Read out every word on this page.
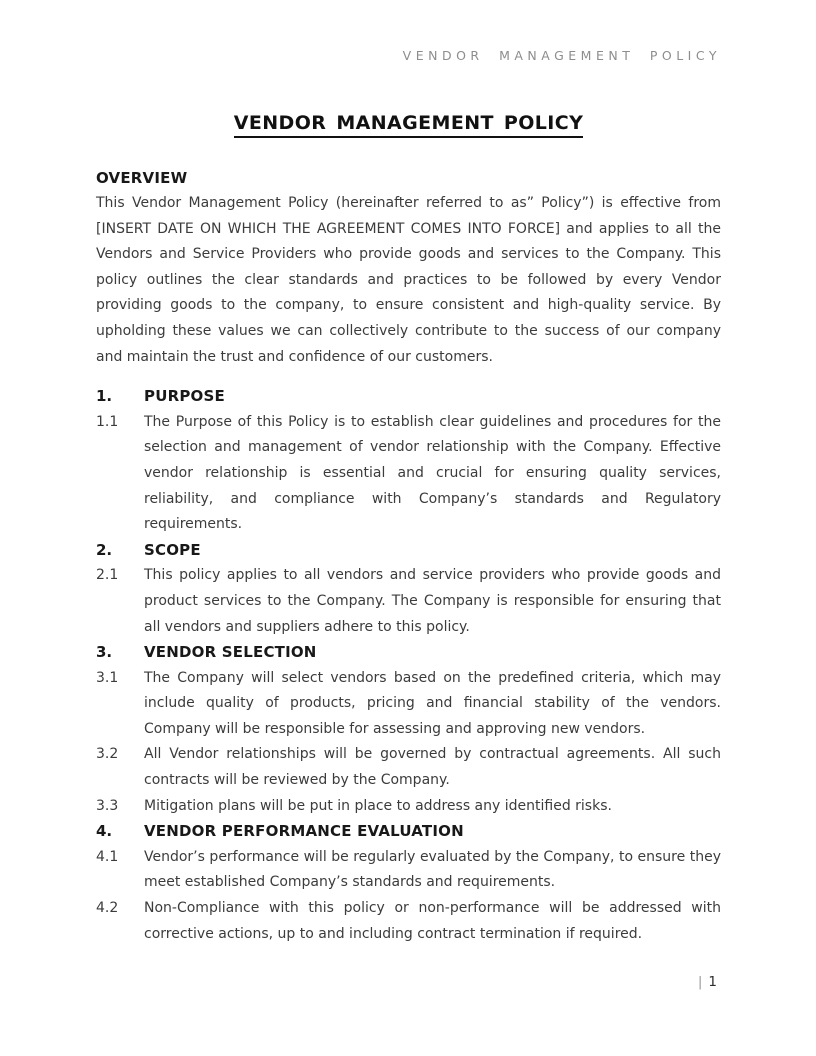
VENDOR MANAGEMENT POLICY
VENDOR MANAGEMENT POLICY
OVERVIEW

This Vendor Management Policy (hereinafter referred to as” Policy”) is effective from [INSERT DATE ON WHICH THE AGREEMENT COMES INTO FORCE] and applies to all the Vendors and Service Providers who provide goods and services to the Company. This policy outlines the clear standards and practices to be followed by every Vendor providing goods to the company, to ensure consistent and high-quality service. By upholding these values we can collectively contribute to the success of our company and maintain the trust and confidence of our customers.

1.	PURPOSE
1.1	The Purpose of this Policy is to establish clear guidelines and procedures for the selection and management of vendor relationship with the Company. Effective vendor relationship is essential and crucial for ensuring quality services, reliability, and compliance with Company’s standards and Regulatory requirements.
2.	SCOPE
2.1	This policy applies to all vendors and service providers who provide goods and product services to the Company. The Company is responsible for ensuring that all vendors and suppliers adhere to this policy.
3.	VENDOR SELECTION
3.1	The Company will select vendors based on the predefined criteria, which may include quality of products, pricing and financial stability of the vendors. Company will be responsible for assessing and approving new vendors.
3.2	All Vendor relationships will be governed by contractual agreements. All such contracts will be reviewed by the Company.
3.3	Mitigation plans will be put in place to address any identified risks.
4.	VENDOR PERFORMANCE EVALUATION
4.1	Vendor’s performance will be regularly evaluated by the Company, to ensure they meet established Company’s standards and requirements.
4.2	Non-Compliance with this policy or non-performance will be addressed with corrective actions, up to and including contract termination if required.
| 1
